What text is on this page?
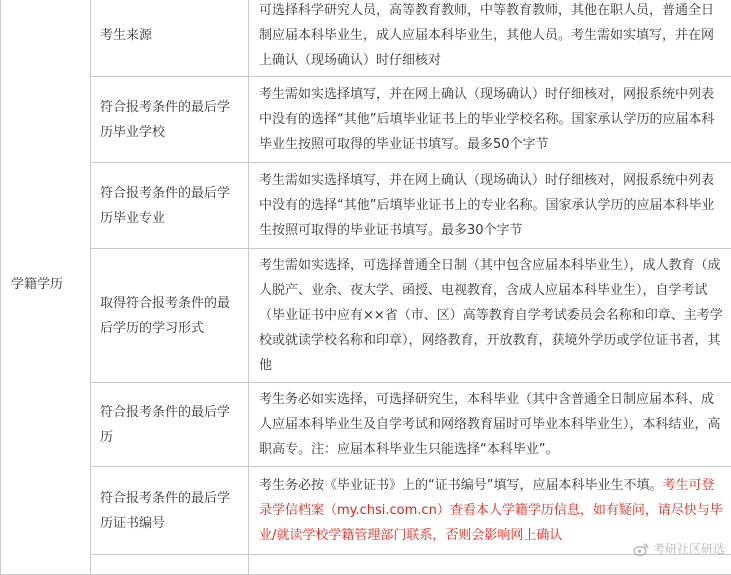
学籍学历	考生来源	可选择科学研究人员，高等教育教师，中等教育教师，其他在职人员，普通全日制应届本科毕业生，成人应届本科毕业生，其他人员。考生需如实填写，并在网上确认（现场确认）时仔细核对
	符合报考条件的最后学历毕业学校	考生需如实选择填写，并在网上确认（现场确认）时仔细核对，网报系统中列表中没有的选择“其他”后填毕业证书上的毕业学校名称。国家承认学历的应届本科毕业生按照可取得的毕业证书填写。最多50个字节
	符合报考条件的最后学历毕业专业	考生需如实选择填写，并在网上确认（现场确认）时仔细核对，网报系统中列表中没有的选择“其他”后填毕业证书上的专业名称。国家承认学历的应届本科毕业生按照可取得的毕业证书填写。最多30个字节
	取得符合报考条件的最后学历的学习形式	考生需如实选择，可选择普通全日制（其中包含应届本科毕业生），成人教育（成人脱产、业余、夜大学、函授、电视教育，含成人应届本科毕业生），自学考试（毕业证书中应有××省（市、区）高等教育自学考试委员会名称和印章、主考学校或就读学校名称和印章），网络教育，开放教育，获境外学历或学位证书者，其他
	符合报考条件的最后学历	考生务必如实选择，可选择研究生，本科毕业（其中含普通全日制应届本科、成人应届本科毕业生及自学考试和网络教育届时可毕业本科毕业生），本科结业，高职高专。注：应届本科毕业生只能选择“本科毕业”。
	符合报考条件的最后学历证书编号	考生务必按《毕业证书》上的“证书编号”填写，应届本科毕业生不填。考生可登录学信档案（my.chsi.com.cn）查看本人学籍学历信息，如有疑问，请尽快与毕业/就读学校学籍管理部门联系，否则会影响网上确认

考研社区研选
